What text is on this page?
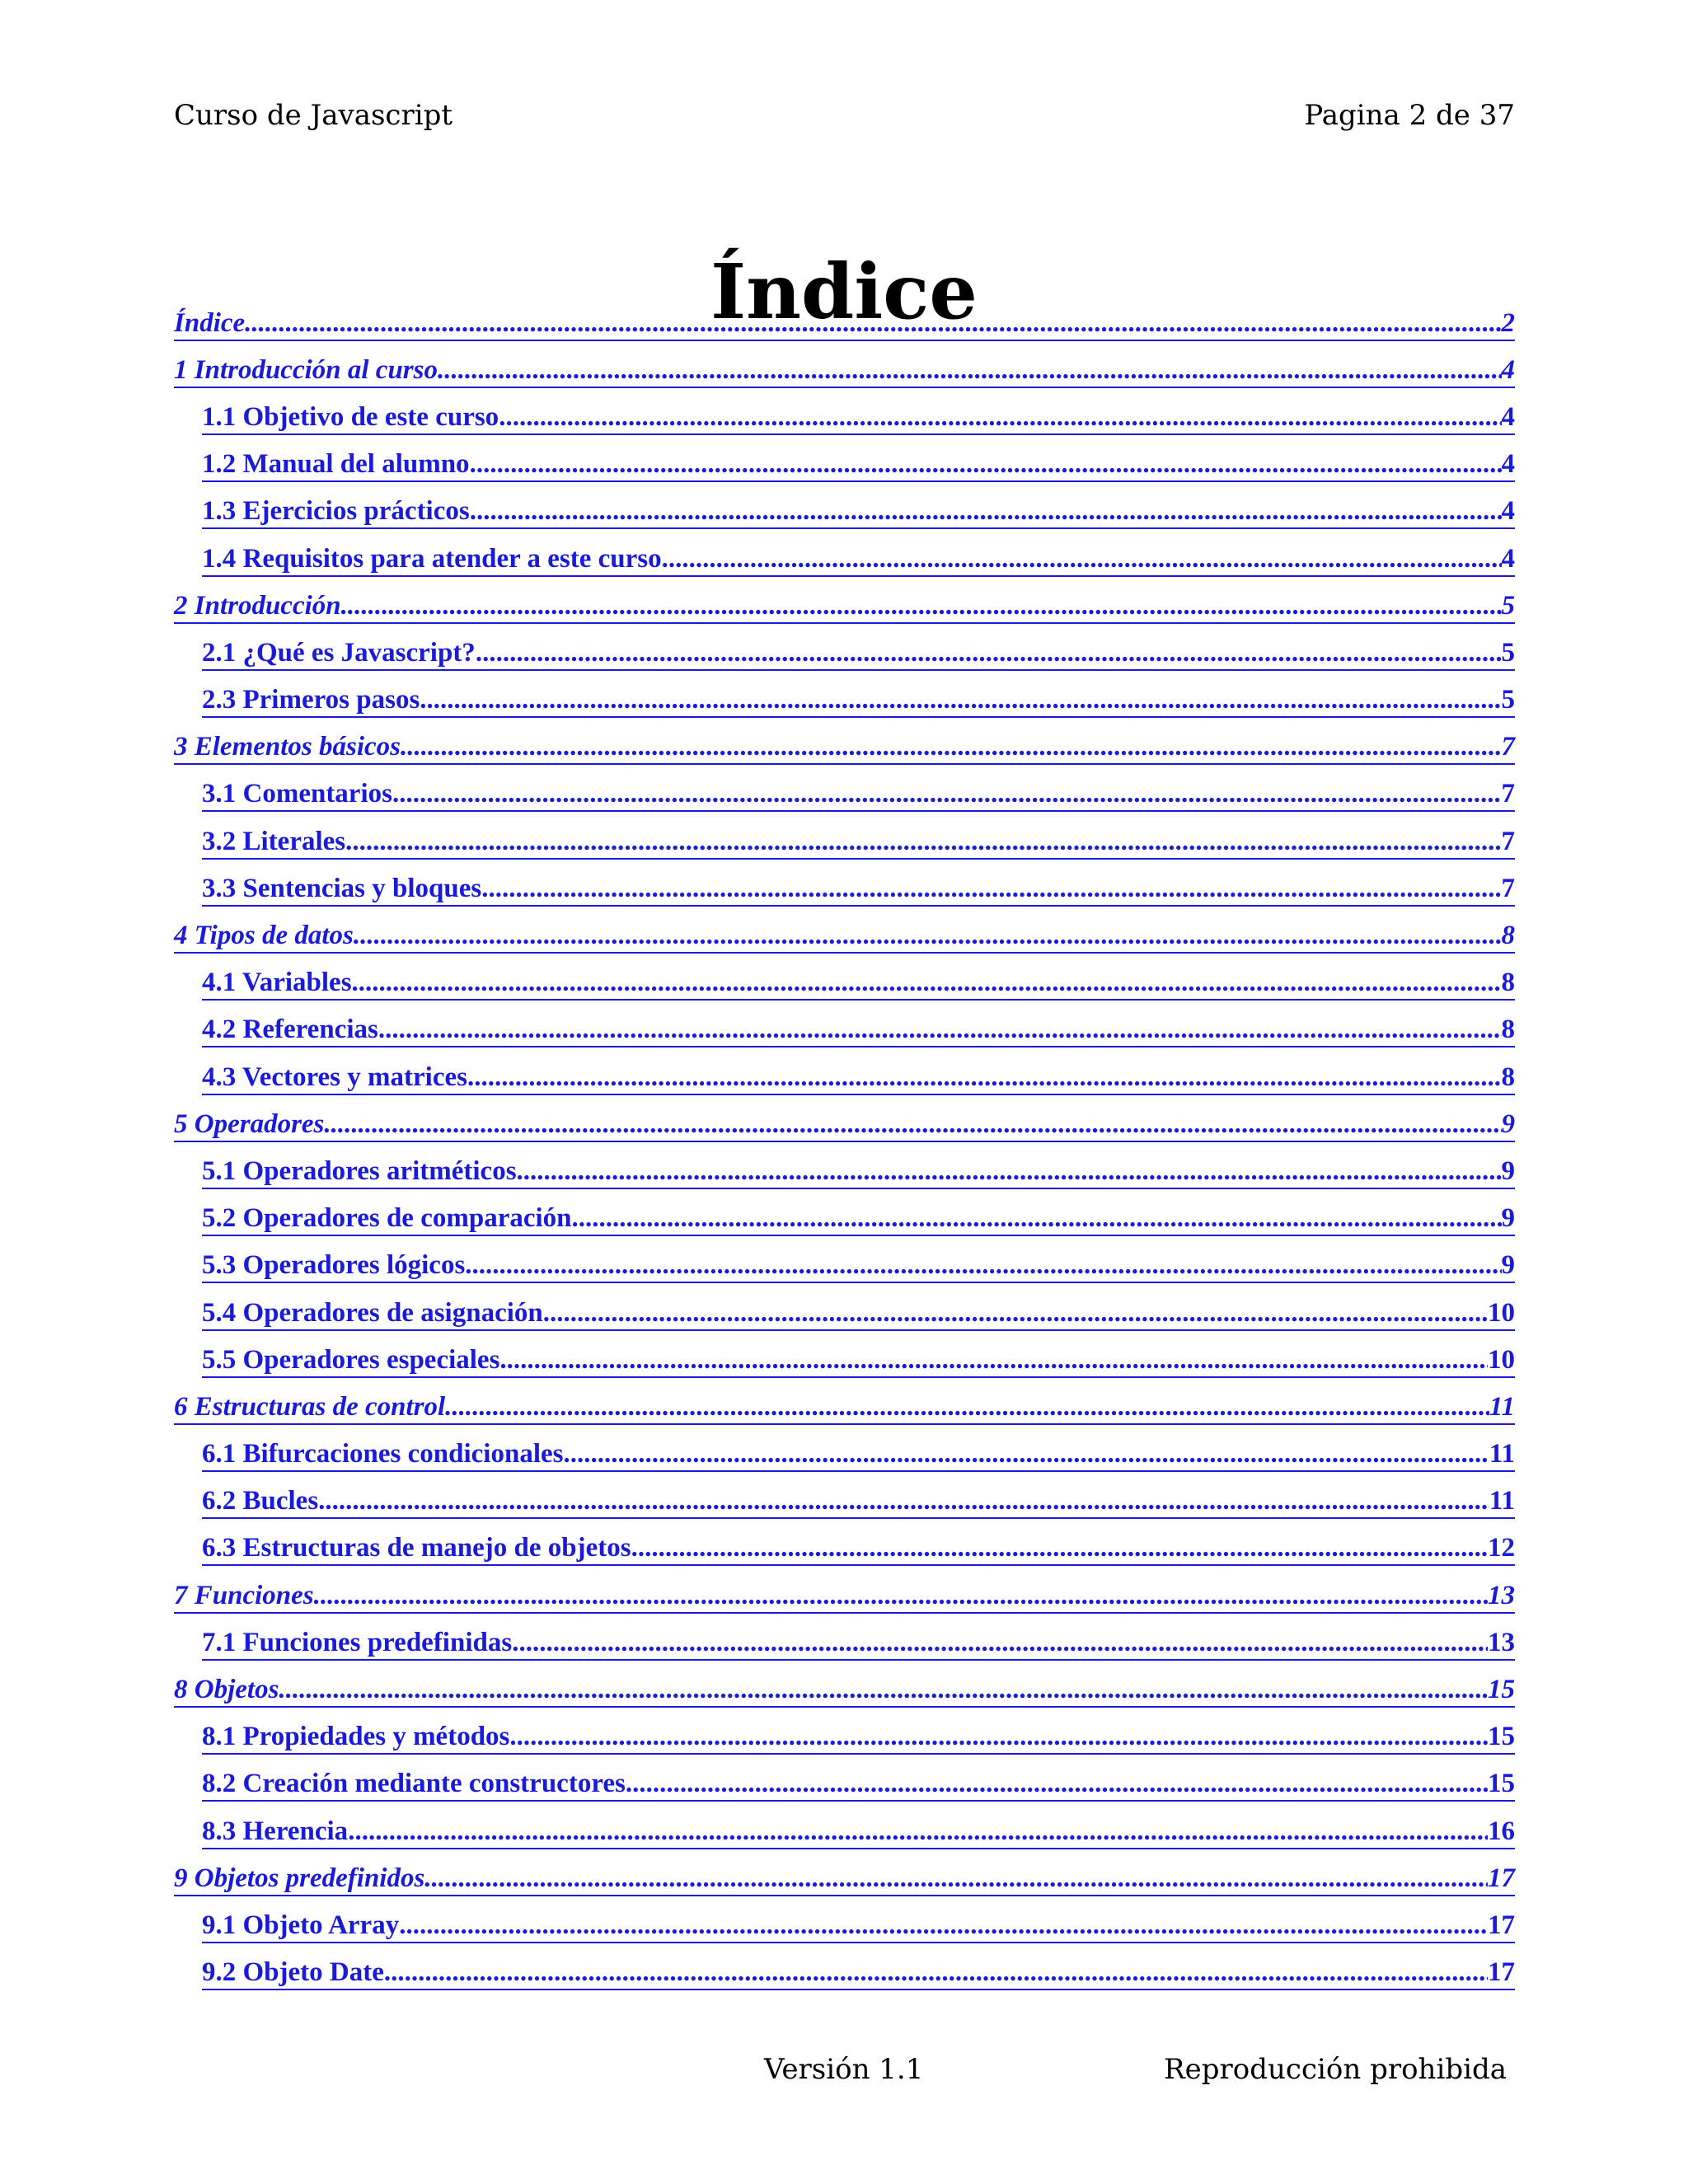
Curso de Javascript	Pagina 2 de 37
Índice
Índice .....	2
1 Introducción al curso .....	4
1.1 Objetivo de este curso .....	4
1.2 Manual del alumno .....	4
1.3 Ejercicios prácticos .....	4
1.4 Requisitos para atender a este curso .....	4
2 Introducción .....	5
2.1 ¿Qué es Javascript? .....	5
2.3 Primeros pasos .....	5
3 Elementos básicos .....	7
3.1 Comentarios .....	7
3.2 Literales .....	7
3.3 Sentencias y bloques .....	7
4 Tipos de datos .....	8
4.1 Variables .....	8
4.2 Referencias .....	8
4.3 Vectores y matrices .....	8
5 Operadores .....	9
5.1 Operadores aritméticos .....	9
5.2 Operadores de comparación .....	9
5.3 Operadores lógicos .....	9
5.4 Operadores de asignación .....	10
5.5 Operadores especiales .....	10
6 Estructuras de control .....	11
6.1 Bifurcaciones condicionales .....	11
6.2 Bucles .....	11
6.3 Estructuras de manejo de objetos .....	12
7 Funciones .....	13
7.1 Funciones predefinidas .....	13
8 Objetos .....	15
8.1 Propiedades y métodos .....	15
8.2 Creación mediante constructores .....	15
8.3 Herencia .....	16
9 Objetos predefinidos .....	17
9.1 Objeto Array .....	17
9.2 Objeto Date .....	17
Versión 1.1	Reproducción prohibida
